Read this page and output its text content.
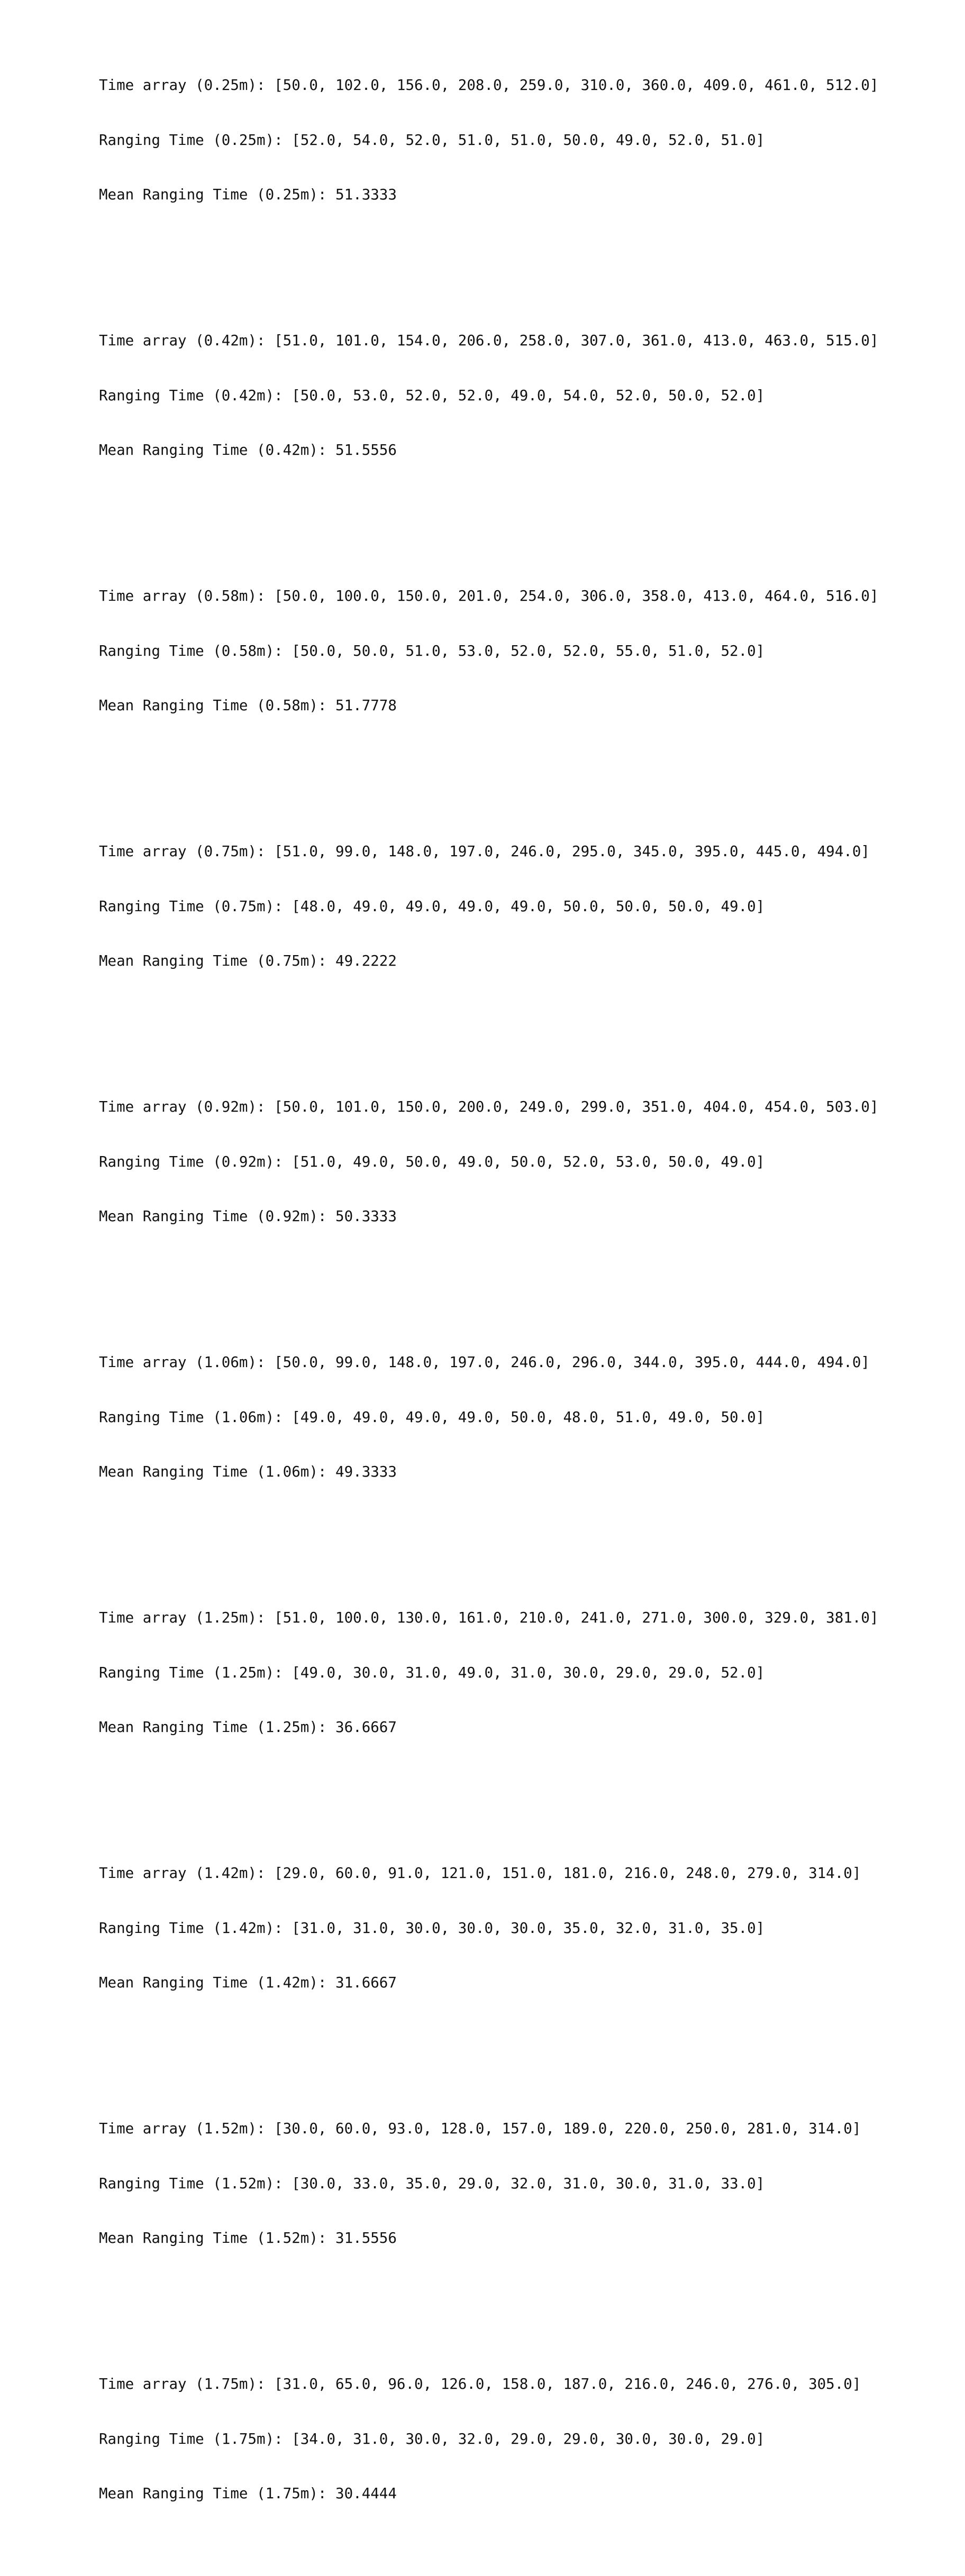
Time array (0.25m): [50.0, 102.0, 156.0, 208.0, 259.0, 310.0, 360.0, 409.0, 461.0, 512.0]

Ranging Time (0.25m): [52.0, 54.0, 52.0, 51.0, 51.0, 50.0, 49.0, 52.0, 51.0]

Mean Ranging Time (0.25m): 51.3333

Time array (0.42m): [51.0, 101.0, 154.0, 206.0, 258.0, 307.0, 361.0, 413.0, 463.0, 515.0]

Ranging Time (0.42m): [50.0, 53.0, 52.0, 52.0, 49.0, 54.0, 52.0, 50.0, 52.0]

Mean Ranging Time (0.42m): 51.5556

Time array (0.58m): [50.0, 100.0, 150.0, 201.0, 254.0, 306.0, 358.0, 413.0, 464.0, 516.0]

Ranging Time (0.58m): [50.0, 50.0, 51.0, 53.0, 52.0, 52.0, 55.0, 51.0, 52.0]

Mean Ranging Time (0.58m): 51.7778

Time array (0.75m): [51.0, 99.0, 148.0, 197.0, 246.0, 295.0, 345.0, 395.0, 445.0, 494.0]

Ranging Time (0.75m): [48.0, 49.0, 49.0, 49.0, 49.0, 50.0, 50.0, 50.0, 49.0]

Mean Ranging Time (0.75m): 49.2222

Time array (0.92m): [50.0, 101.0, 150.0, 200.0, 249.0, 299.0, 351.0, 404.0, 454.0, 503.0]

Ranging Time (0.92m): [51.0, 49.0, 50.0, 49.0, 50.0, 52.0, 53.0, 50.0, 49.0]

Mean Ranging Time (0.92m): 50.3333

Time array (1.06m): [50.0, 99.0, 148.0, 197.0, 246.0, 296.0, 344.0, 395.0, 444.0, 494.0]

Ranging Time (1.06m): [49.0, 49.0, 49.0, 49.0, 50.0, 48.0, 51.0, 49.0, 50.0]

Mean Ranging Time (1.06m): 49.3333

Time array (1.25m): [51.0, 100.0, 130.0, 161.0, 210.0, 241.0, 271.0, 300.0, 329.0, 381.0]

Ranging Time (1.25m): [49.0, 30.0, 31.0, 49.0, 31.0, 30.0, 29.0, 29.0, 52.0]

Mean Ranging Time (1.25m): 36.6667

Time array (1.42m): [29.0, 60.0, 91.0, 121.0, 151.0, 181.0, 216.0, 248.0, 279.0, 314.0]

Ranging Time (1.42m): [31.0, 31.0, 30.0, 30.0, 30.0, 35.0, 32.0, 31.0, 35.0]

Mean Ranging Time (1.42m): 31.6667

Time array (1.52m): [30.0, 60.0, 93.0, 128.0, 157.0, 189.0, 220.0, 250.0, 281.0, 314.0]

Ranging Time (1.52m): [30.0, 33.0, 35.0, 29.0, 32.0, 31.0, 30.0, 31.0, 33.0]

Mean Ranging Time (1.52m): 31.5556

Time array (1.75m): [31.0, 65.0, 96.0, 126.0, 158.0, 187.0, 216.0, 246.0, 276.0, 305.0]

Ranging Time (1.75m): [34.0, 31.0, 30.0, 32.0, 29.0, 29.0, 30.0, 30.0, 29.0]

Mean Ranging Time (1.75m): 30.4444
